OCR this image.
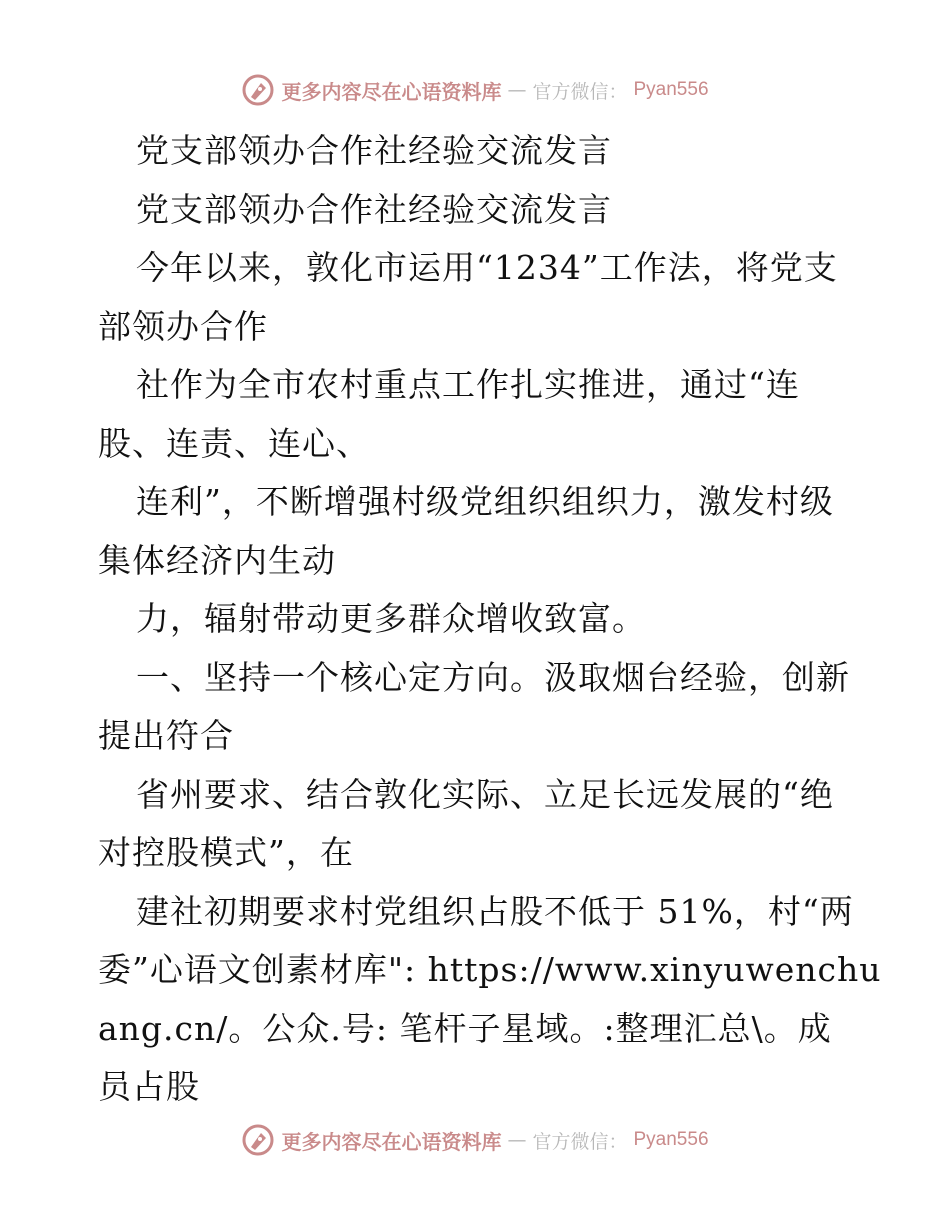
更多内容尽在心语资料库 — 官方微信： Pyan556
党支部领办合作社经验交流发言
党支部领办合作社经验交流发言
今年以来，敦化市运用“1234”工作法，将党支
部领办合作
社作为全市农村重点工作扎实推进，通过“连
股、连责、连心、
连利”，不断增强村级党组织组织力，激发村级
集体经济内生动
力，辐射带动更多群众增收致富。
一、坚持一个核心定方向。汲取烟台经验，创新
提出符合
省州要求、结合敦化实际、立足长远发展的“绝
对控股模式”，在
建社初期要求村党组织占股不低于 51%，村“两
委”心语文创素材库": https://www.xinyuwenchu
ang.cn/。公众.号: 笔杆子星域。:整理汇总\。成
员占股
更多内容尽在心语资料库 — 官方微信： Pyan556
